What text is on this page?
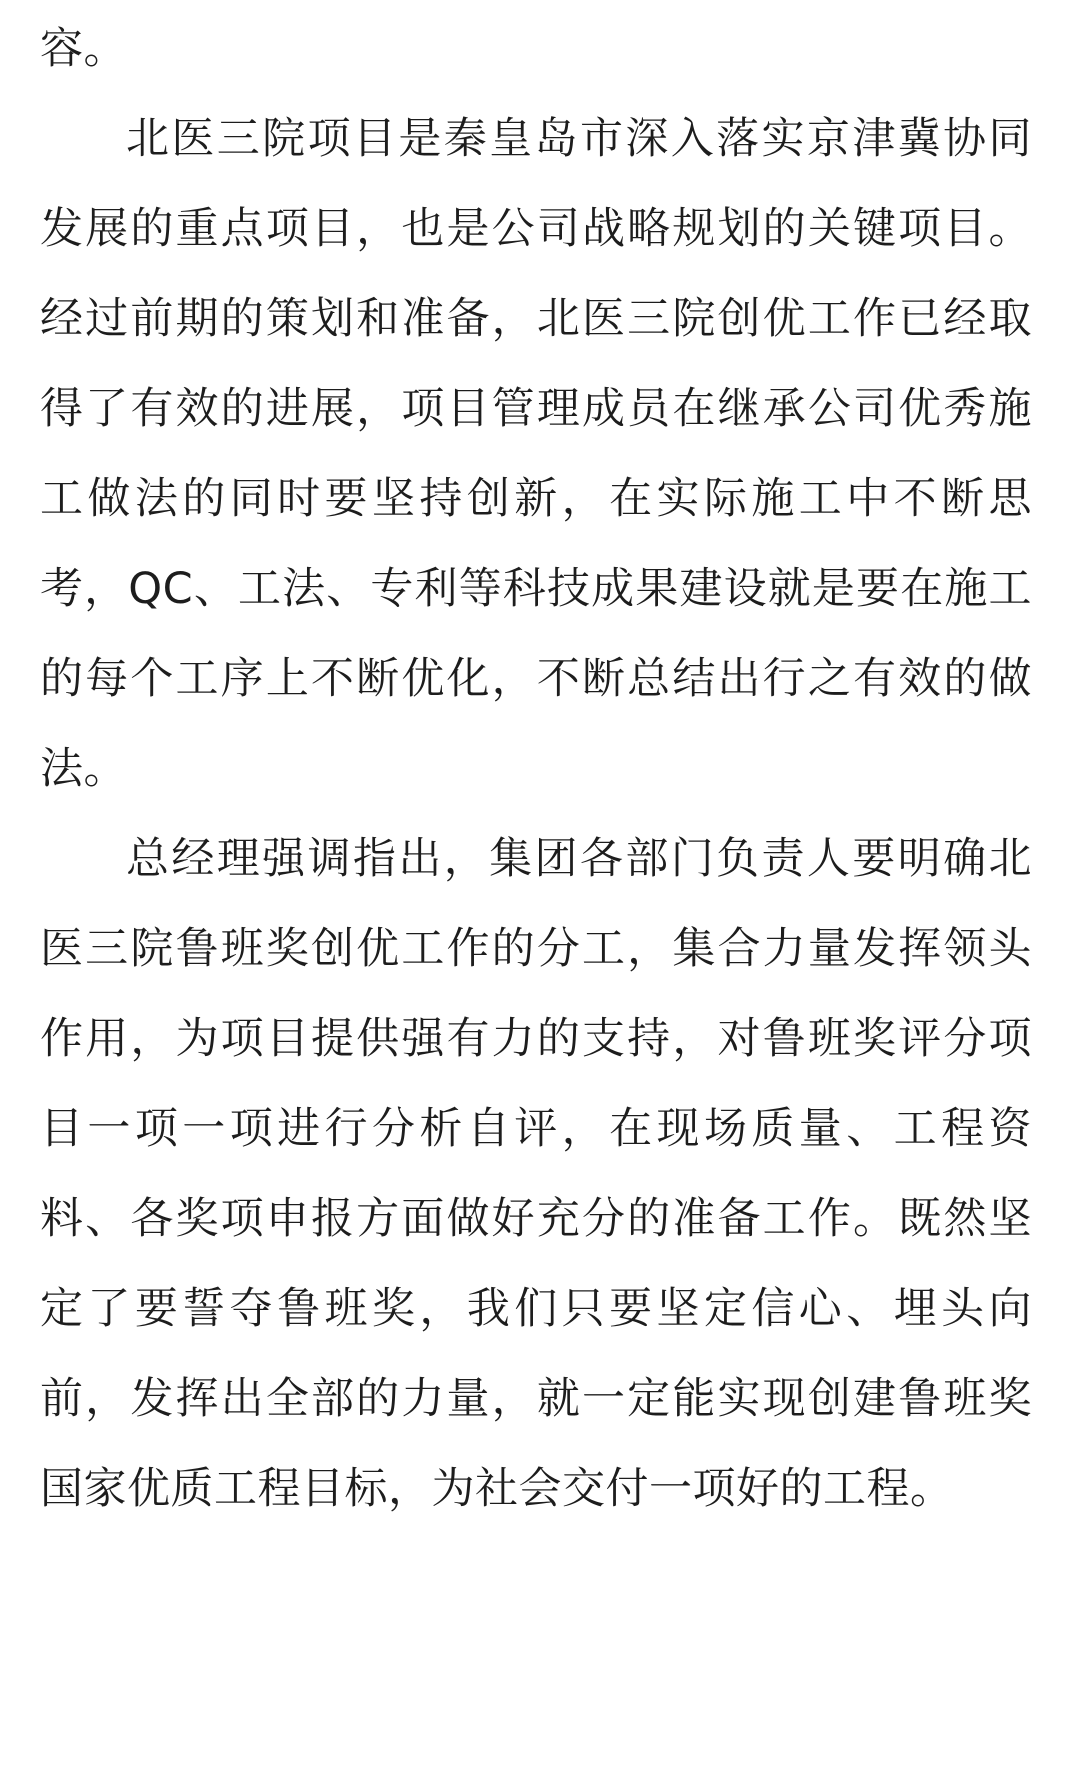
容。

北医三院项目是秦皇岛市深入落实京津冀协同发展的重点项目，也是公司战略规划的关键项目。经过前期的策划和准备，北医三院创优工作已经取得了有效的进展，项目管理成员在继承公司优秀施工做法的同时要坚持创新，在实际施工中不断思考，QC、工法、专利等科技成果建设就是要在施工的每个工序上不断优化，不断总结出行之有效的做法。

总经理强调指出，集团各部门负责人要明确北医三院鲁班奖创优工作的分工，集合力量发挥领头作用，为项目提供强有力的支持，对鲁班奖评分项目一项一项进行分析自评，在现场质量、工程资料、各奖项申报方面做好充分的准备工作。既然坚定了要誓夺鲁班奖，我们只要坚定信心、埋头向前，发挥出全部的力量，就一定能实现创建鲁班奖国家优质工程目标，为社会交付一项好的工程。
